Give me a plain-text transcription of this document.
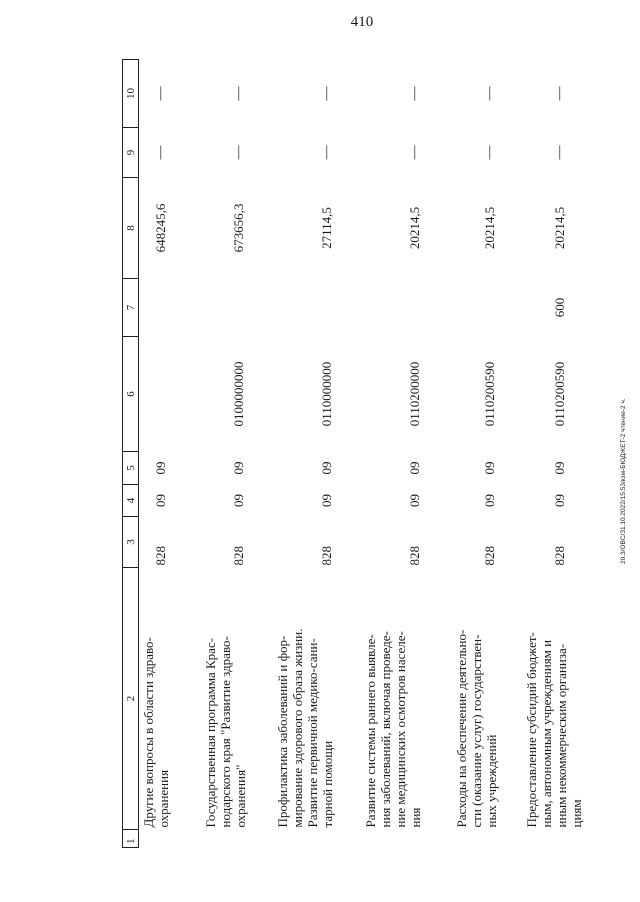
410
20.3/OBC/31.10.2022/15:53/кзм-БЮДЖЕТ-2 чтение-2 ч.
1	2	3	4	5	6	7	8	9	10

	Другие вопросы в области здраво- охранения	828	09	09			648245,6	—	—

	Государственная программа Крас- нодарского края "Развитие здраво- охранения"	828	09	09	0100000000		673656,3	—	—

	Профилактика заболеваний и фор- мирование здорового образа жизни. Развитие первичной медико-сани- тарной помощи	828	09	09	0110000000		27114,5	—	—

	Развитие системы раннего выявле- ния заболеваний, включая проведе- ние медицинских осмотров населе- ния	828	09	09	0110200000		20214,5	—	—

	Расходы на обеспечение деятельно- сти (оказание услуг) государствен- ных учреждений	828	09	09	0110200590		20214,5	—	—

	Предоставление субсидий бюджет- ным, автономным учреждениям и иным некоммерческим организа- циям	828	09	09	0110200590	600	20214,5	—	—
